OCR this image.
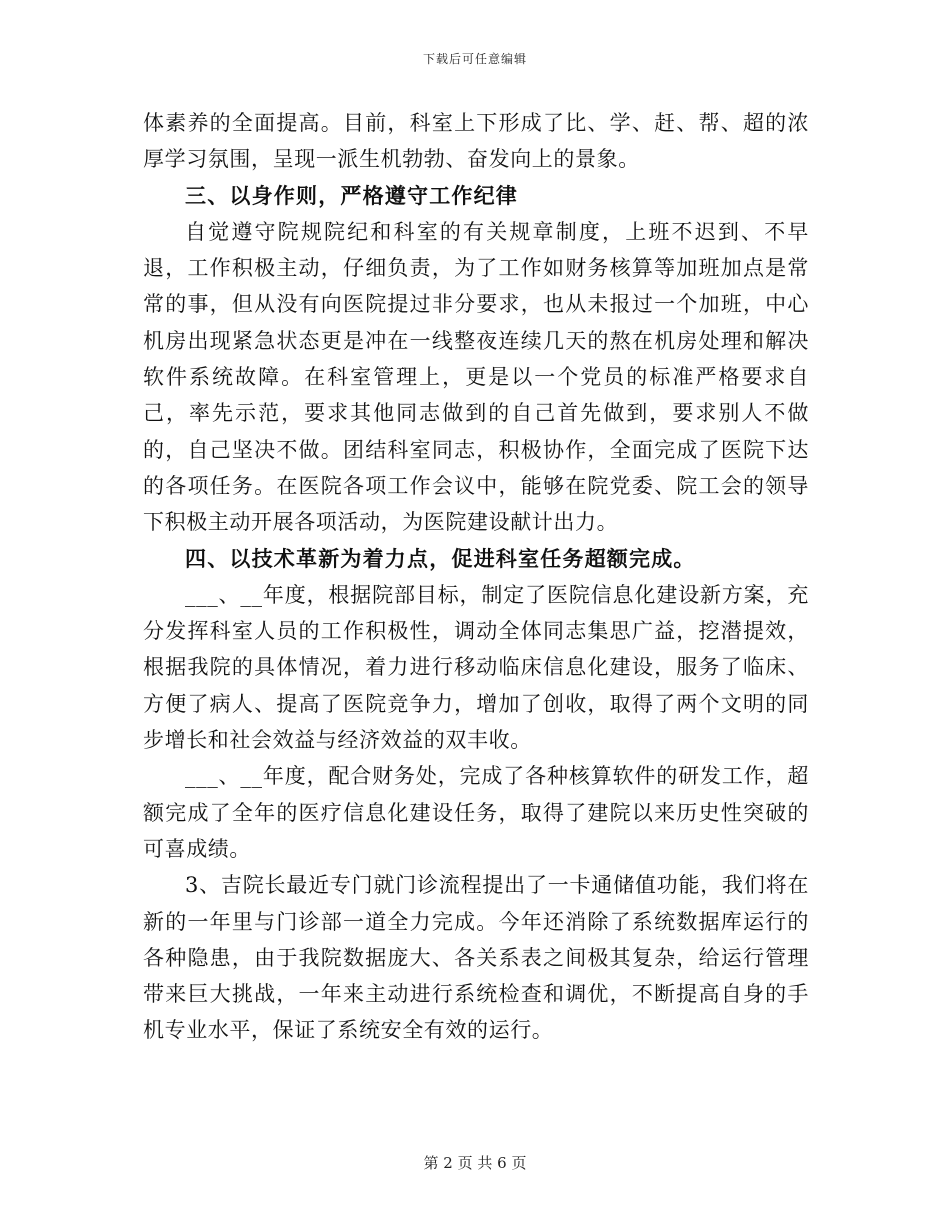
下载后可任意编辑

体素养的全面提高。目前，科室上下形成了比、学、赶、帮、超的浓厚学习氛围，呈现一派生机勃勃、奋发向上的景象。

三、以身作则，严格遵守工作纪律

自觉遵守院规院纪和科室的有关规章制度，上班不迟到、不早退，工作积极主动，仔细负责，为了工作如财务核算等加班加点是常常的事，但从没有向医院提过非分要求，也从未报过一个加班，中心机房出现紧急状态更是冲在一线整夜连续几天的熬在机房处理和解决软件系统故障。在科室管理上，更是以一个党员的标准严格要求自己，率先示范，要求其他同志做到的自己首先做到，要求别人不做的，自己坚决不做。团结科室同志，积极协作，全面完成了医院下达的各项任务。在医院各项工作会议中，能够在院党委、院工会的领导下积极主动开展各项活动，为医院建设献计出力。

四、以技术革新为着力点，促进科室任务超额完成。

___、__年度，根据院部目标，制定了医院信息化建设新方案，充分发挥科室人员的工作积极性，调动全体同志集思广益，挖潜提效，根据我院的具体情况，着力进行移动临床信息化建设，服务了临床、方便了病人、提高了医院竞争力，增加了创收，取得了两个文明的同步增长和社会效益与经济效益的双丰收。

___、__年度，配合财务处，完成了各种核算软件的研发工作，超额完成了全年的医疗信息化建设任务，取得了建院以来历史性突破的可喜成绩。

3、吉院长最近专门就门诊流程提出了一卡通储值功能，我们将在新的一年里与门诊部一道全力完成。今年还消除了系统数据库运行的各种隐患，由于我院数据庞大、各关系表之间极其复杂，给运行管理带来巨大挑战，一年来主动进行系统检查和调优，不断提高自身的手机专业水平，保证了系统安全有效的运行。

第 2 页 共 6 页
